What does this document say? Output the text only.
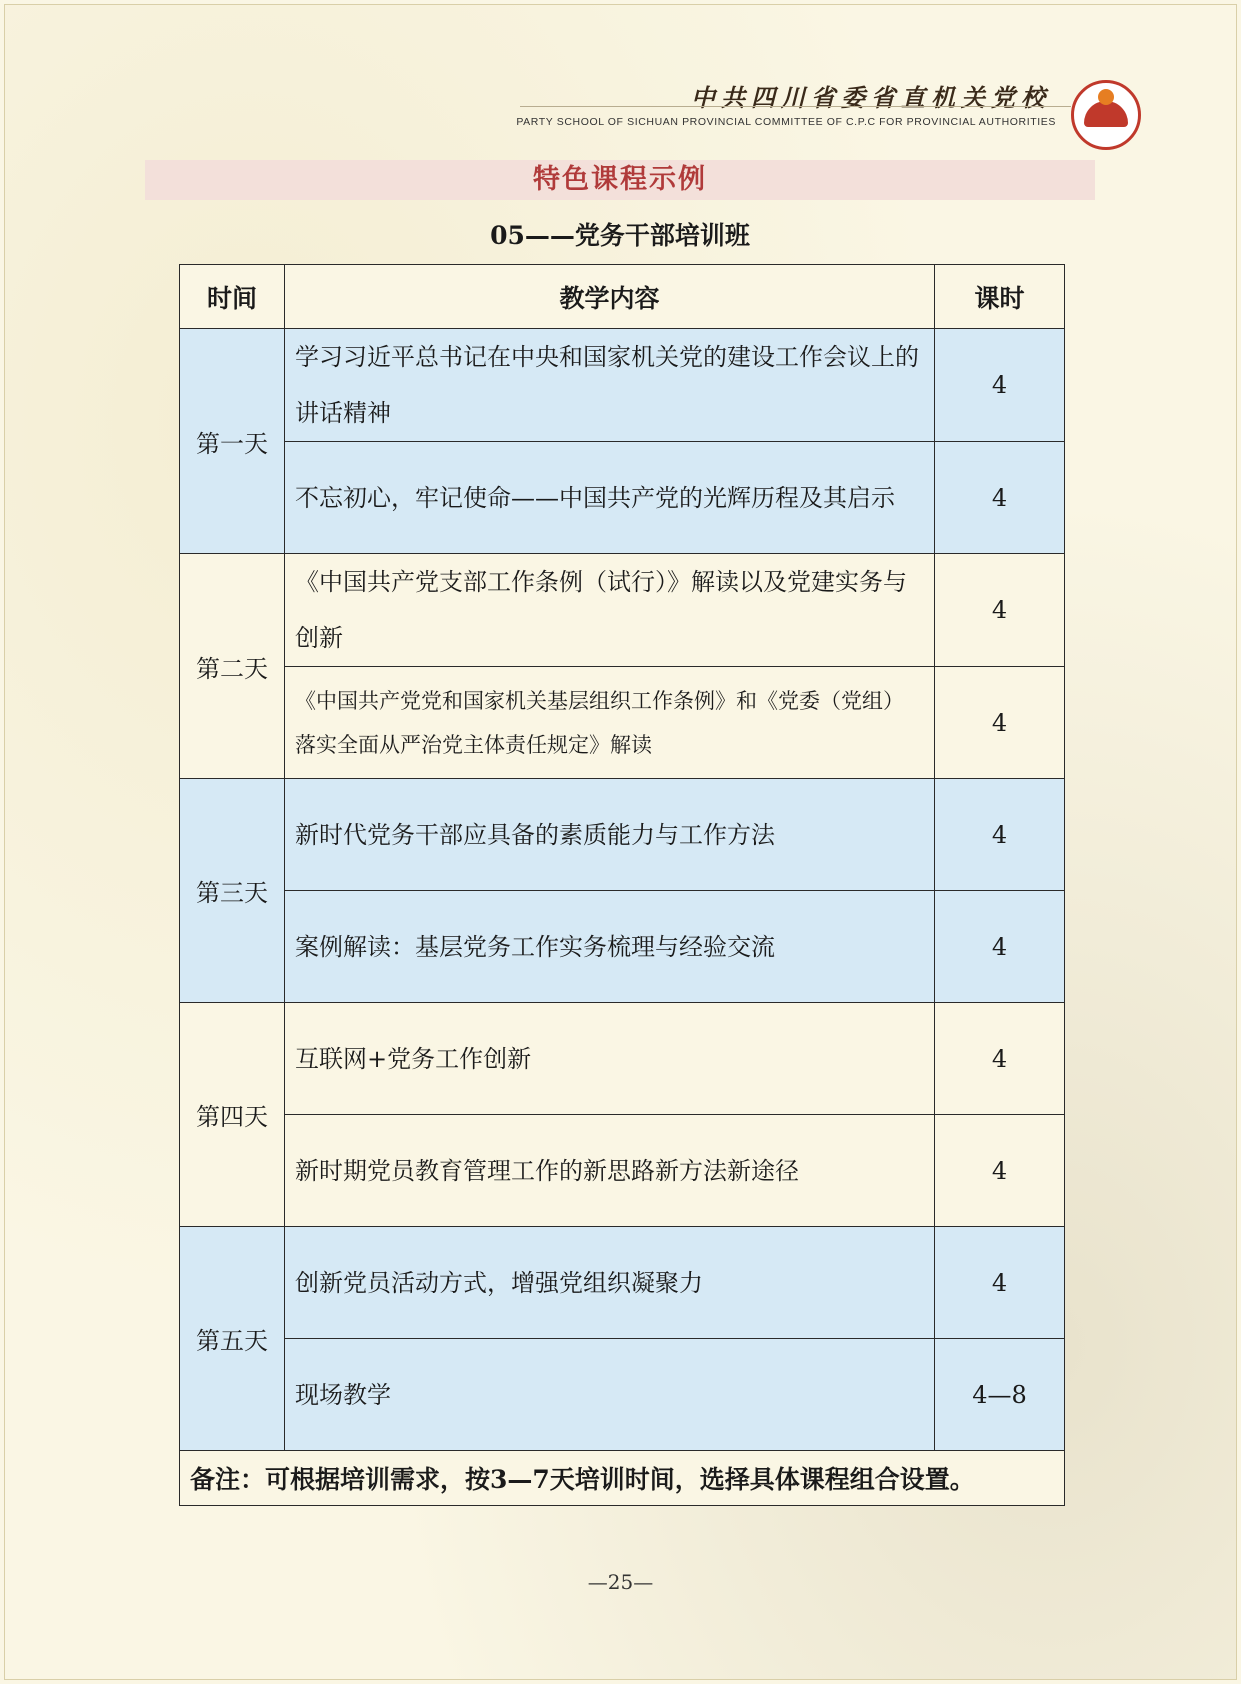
中共四川省委省直机关党校
PARTY SCHOOL OF SICHUAN PROVINCIAL COMMITTEE OF C.P.C FOR PROVINCIAL AUTHORITIES
特色课程示例
05——党务干部培训班
时间	教学内容	课时
第一天	学习习近平总书记在中央和国家机关党的建设工作会议上的讲话精神	4
	不忘初心，牢记使命——中国共产党的光辉历程及其启示	4
第二天	《中国共产党支部工作条例（试行）》解读以及党建实务与创新	4
	《中国共产党党和国家机关基层组织工作条例》和《党委（党组）落实全面从严治党主体责任规定》解读	4
第三天	新时代党务干部应具备的素质能力与工作方法	4
	案例解读：基层党务工作实务梳理与经验交流	4
第四天	互联网+党务工作创新	4
	新时期党员教育管理工作的新思路新方法新途径	4
第五天	创新党员活动方式，增强党组织凝聚力	4
	现场教学	4—8
备注：可根据培训需求，按3—7天培训时间，选择具体课程组合设置。		
—25—
